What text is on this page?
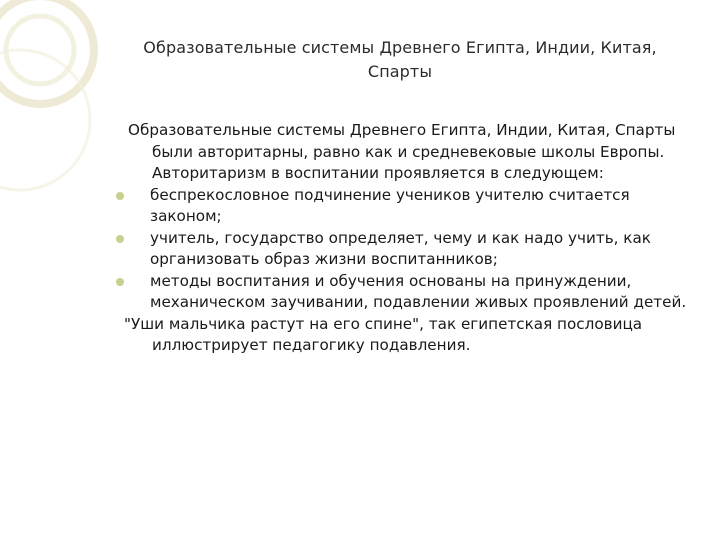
Образовательные системы Древнего Египта, Индии, Китая, Спарты

Образовательные системы Древнего Египта, Индии, Китая, Спарты были авторитарны, равно как и средневековые школы Европы. Авторитаризм в воспитании проявляется в следующем:

беспрекословное подчинение учеников учителю считается законом;
учитель, государство определяет, чему и как надо учить, как организовать образ жизни воспитанников;
методы воспитания и обучения основаны на принуждении, механическом заучивании, подавлении живых проявлений детей.

"Уши мальчика растут на его спине", так египетская пословица иллюстрирует педагогику подавления.
